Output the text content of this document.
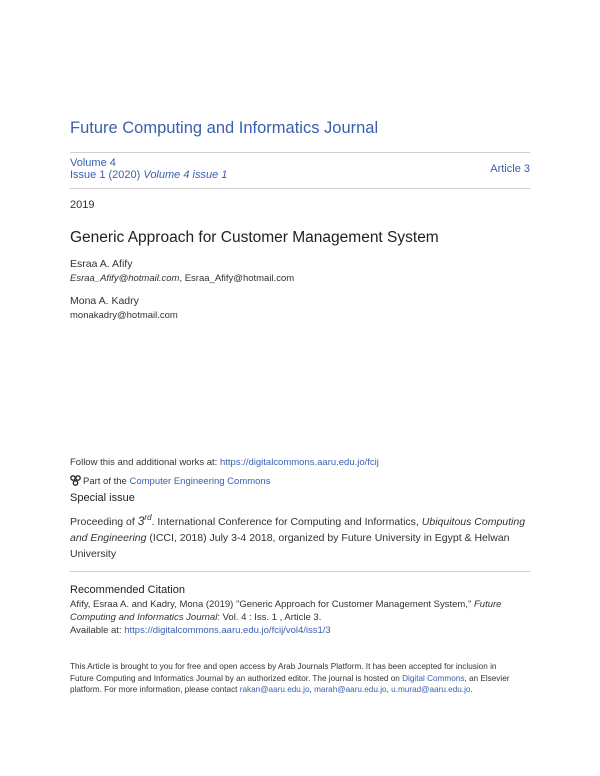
Future Computing and Informatics Journal
Volume 4
Issue 1 (2020) Volume 4 issue 1	Article 3
2019
Generic Approach for Customer Management System
Esraa A. Afify
Esraa_Afify@hotmail.com, Esraa_Afify@hotmail.com
Mona A. Kadry
monakadry@hotmail.com
Follow this and additional works at: https://digitalcommons.aaru.edu.jo/fcij
Part of the Computer Engineering Commons
Special issue
Proceeding of 3rd. International Conference for Computing and Informatics, Ubiquitous Computing and Engineering (ICCI, 2018) July 3-4 2018, organized by Future University in Egypt & Helwan University
Recommended Citation
Afify, Esraa A. and Kadry, Mona (2019) "Generic Approach for Customer Management System," Future Computing and Informatics Journal: Vol. 4 : Iss. 1 , Article 3.
Available at: https://digitalcommons.aaru.edu.jo/fcij/vol4/iss1/3
This Article is brought to you for free and open access by Arab Journals Platform. It has been accepted for inclusion in Future Computing and Informatics Journal by an authorized editor. The journal is hosted on Digital Commons, an Elsevier platform. For more information, please contact rakan@aaru.edu.jo, marah@aaru.edu.jo, u.murad@aaru.edu.jo.
